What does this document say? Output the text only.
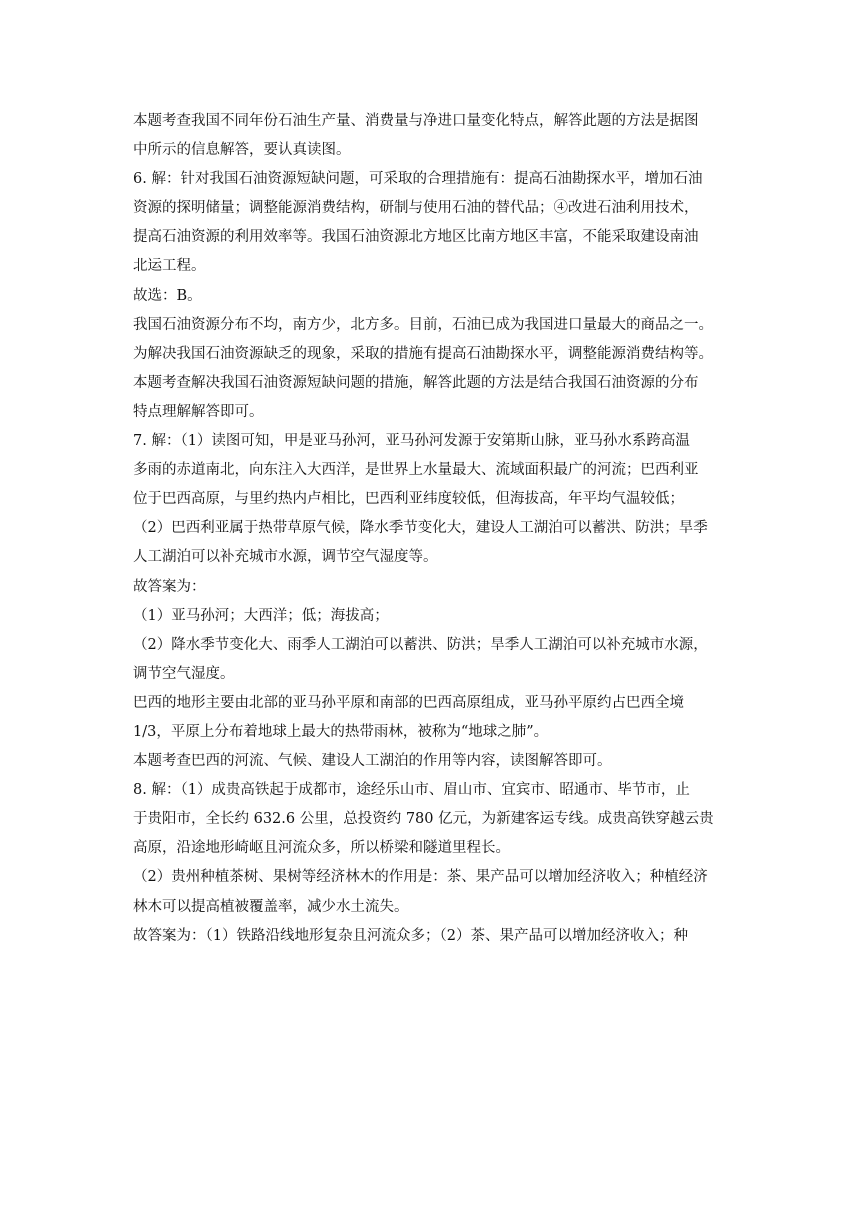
本题考查我国不同年份石油生产量、消费量与净进口量变化特点，解答此题的方法是据图
中所示的信息解答，要认真读图。
6. 解：针对我国石油资源短缺问题，可采取的合理措施有：提高石油勘探水平，增加石油
资源的探明储量；调整能源消费结构，研制与使用石油的替代品；④改进石油利用技术，
提高石油资源的利用效率等。我国石油资源北方地区比南方地区丰富，不能采取建设南油
北运工程。
故选：B。
我国石油资源分布不均，南方少，北方多。目前，石油已成为我国进口量最大的商品之一。
为解决我国石油资源缺乏的现象，采取的措施有提高石油勘探水平，调整能源消费结构等。
本题考查解决我国石油资源短缺问题的措施，解答此题的方法是结合我国石油资源的分布
特点理解解答即可。
7. 解：（1）读图可知，甲是亚马孙河，亚马孙河发源于安第斯山脉，亚马孙水系跨高温
多雨的赤道南北，向东注入大西洋，是世界上水量最大、流域面积最广的河流；巴西利亚
位于巴西高原，与里约热内卢相比，巴西利亚纬度较低，但海拔高，年平均气温较低；
（2）巴西利亚属于热带草原气候，降水季节变化大，建设人工湖泊可以蓄洪、防洪；旱季
人工湖泊可以补充城市水源，调节空气湿度等。
故答案为：
（1）亚马孙河；大西洋；低；海拔高；
（2）降水季节变化大、雨季人工湖泊可以蓄洪、防洪；旱季人工湖泊可以补充城市水源，
调节空气湿度。
巴西的地形主要由北部的亚马孙平原和南部的巴西高原组成，亚马孙平原约占巴西全境
1/3，平原上分布着地球上最大的热带雨林，被称为“地球之肺”。
本题考查巴西的河流、气候、建设人工湖泊的作用等内容，读图解答即可。
8. 解：（1）成贵高铁起于成都市，途经乐山市、眉山市、宜宾市、昭通市、毕节市，止
于贵阳市，全长约 632.6 公里，总投资约 780 亿元，为新建客运专线。成贵高铁穿越云贵
高原，沿途地形崎岖且河流众多，所以桥梁和隧道里程长。
（2）贵州种植茶树、果树等经济林木的作用是：茶、果产品可以增加经济收入；种植经济
林木可以提高植被覆盖率，减少水土流失。
故答案为：（1）铁路沿线地形复杂且河流众多；（2）茶、果产品可以增加经济收入；种
